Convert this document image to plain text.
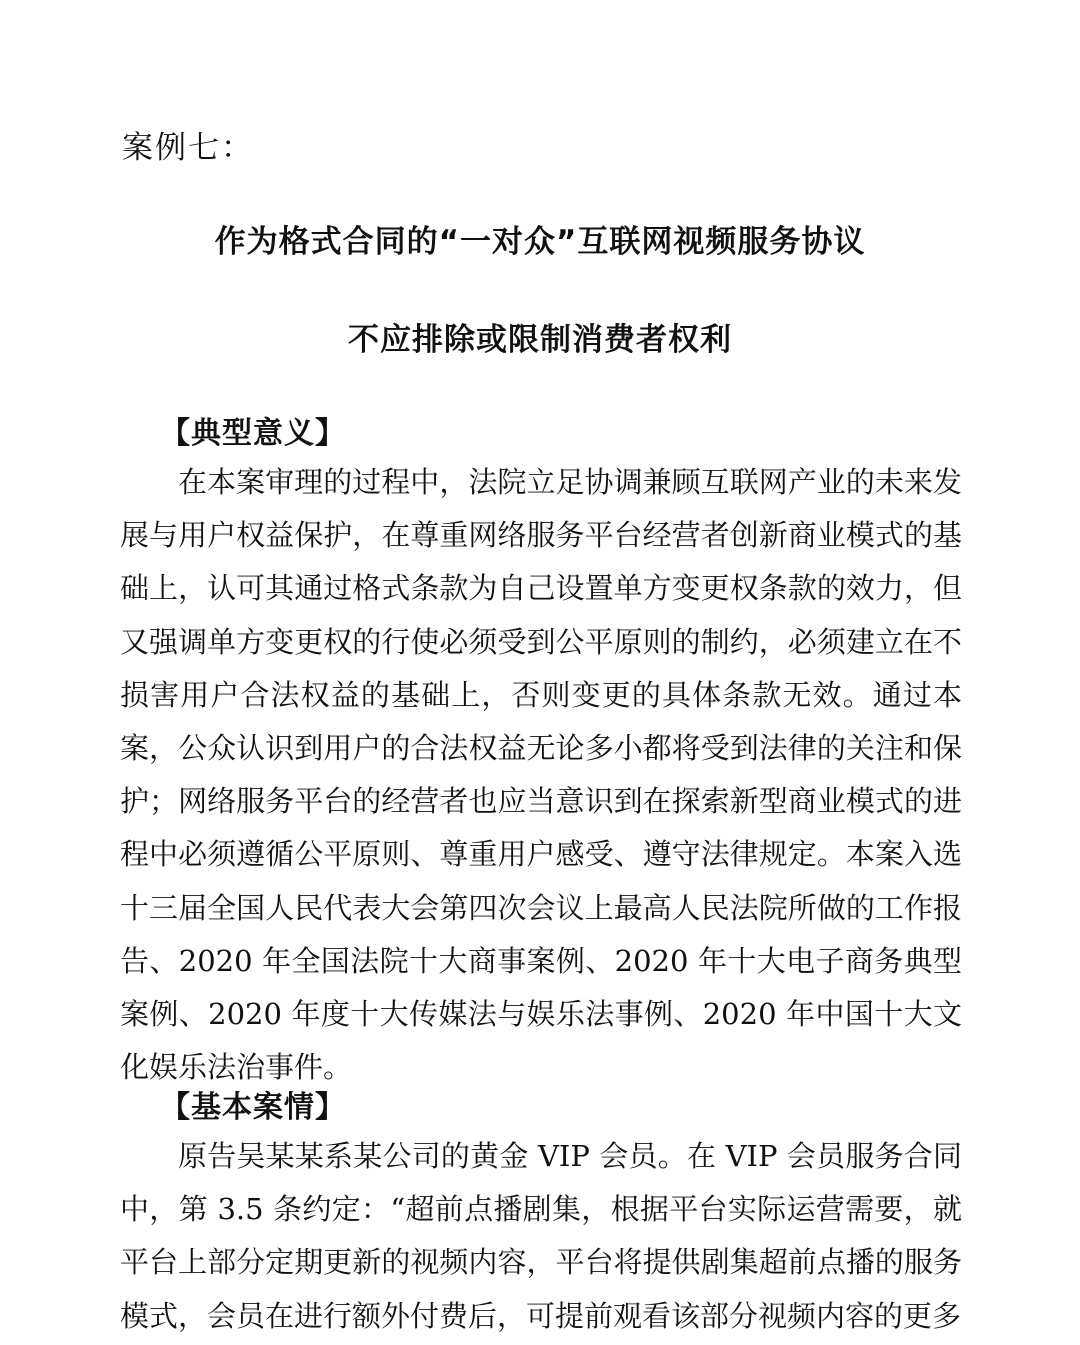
案例七：
作为格式合同的“一对众”互联网视频服务协议
不应排除或限制消费者权利
【典型意义】
在本案审理的过程中，法院立足协调兼顾互联网产业的未来发展与用户权益保护，在尊重网络服务平台经营者创新商业模式的基础上，认可其通过格式条款为自己设置单方变更权条款的效力，但又强调单方变更权的行使必须受到公平原则的制约，必须建立在不损害用户合法权益的基础上，否则变更的具体条款无效。通过本案，公众认识到用户的合法权益无论多小都将受到法律的关注和保护；网络服务平台的经营者也应当意识到在探索新型商业模式的进程中必须遵循公平原则、尊重用户感受、遵守法律规定。本案入选十三届全国人民代表大会第四次会议上最高人民法院所做的工作报告、2020 年全国法院十大商事案例、2020 年十大电子商务典型案例、2020 年度十大传媒法与娱乐法事例、2020 年中国十大文化娱乐法治事件。
【基本案情】
原告吴某某系某公司的黄金 VIP 会员。在 VIP 会员服务合同中，第 3.5 条约定：“超前点播剧集，根据平台实际运营需要，就平台上部分定期更新的视频内容，平台将提供剧集超前点播的服务模式，会员在进行额外付费后，可提前观看该部分视频内容的更多
